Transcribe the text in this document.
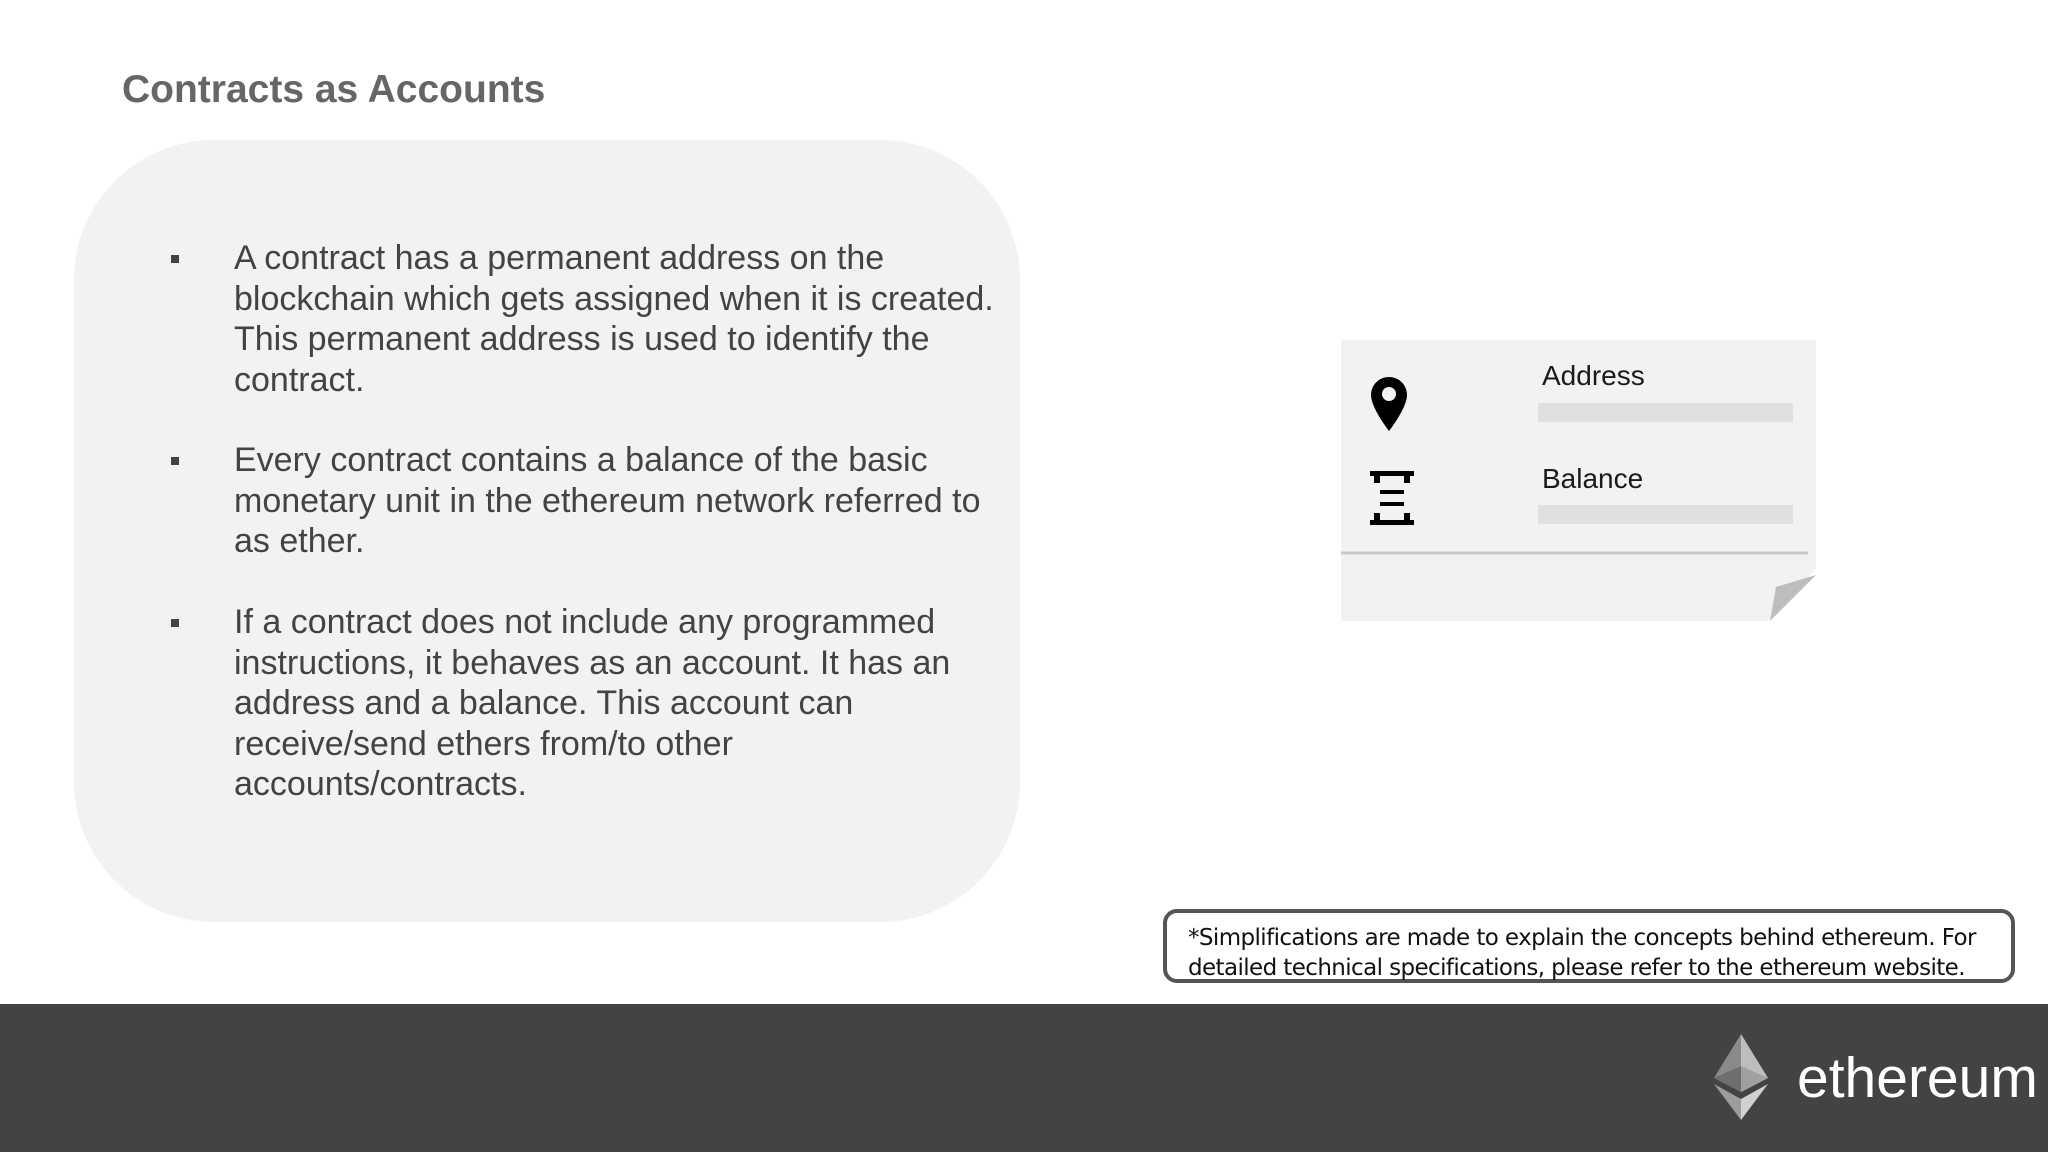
Contracts as Accounts
A contract has a permanent address on the blockchain which gets assigned when it is created. This permanent address is used to identify the contract.
Every contract contains a balance of the basic monetary unit in the ethereum network referred to as ether.
If a contract does not include any programmed instructions, it behaves as an account. It has an address and a balance. This account can receive/send ethers from/to other accounts/contracts.
Address
Balance
*Simplifications are made to explain the concepts behind ethereum. For detailed technical specifications, please refer to the ethereum website.
ethereum
